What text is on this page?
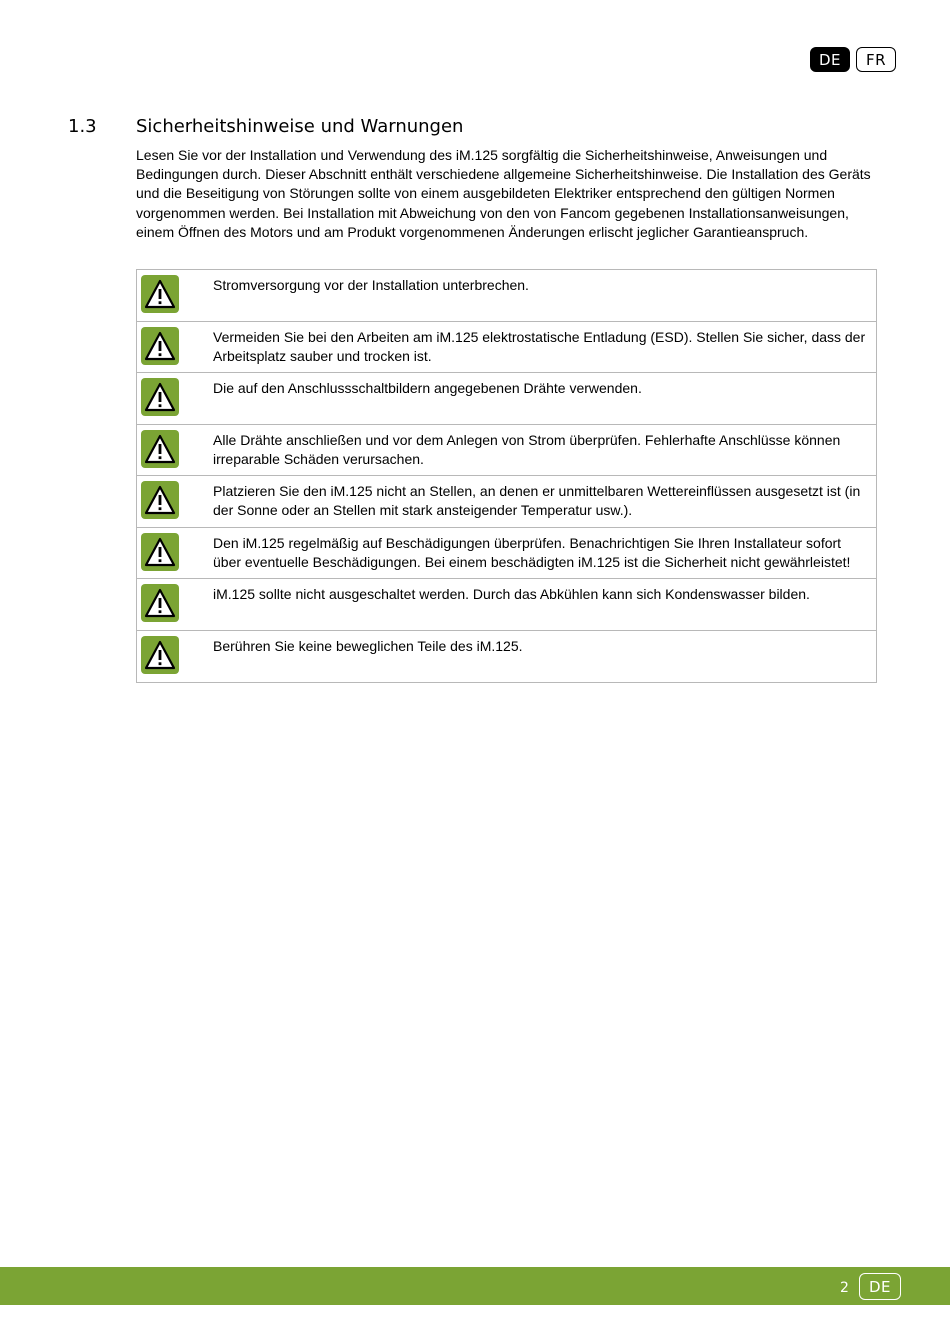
DE	FR
1.3 Sicherheitshinweise und Warnungen

Lesen Sie vor der Installation und Verwendung des iM.125 sorgfältig die Sicherheitshinweise, Anweisungen und Bedingungen durch. Dieser Abschnitt enthält verschiedene allgemeine Sicherheitshinweise. Die Installation des Geräts und die Beseitigung von Störungen sollte von einem ausgebildeten Elektriker entsprechend den gültigen Normen vorgenommen werden. Bei Installation mit Abweichung von den von Fancom gegebenen Installationsanweisungen, einem Öffnen des Motors und am Produkt vorgenommenen Änderungen erlischt jeglicher Garantieanspruch.

Stromversorgung vor der Installation unterbrechen.
Vermeiden Sie bei den Arbeiten am iM.125 elektrostatische Entladung (ESD). Stellen Sie sicher, dass der Arbeitsplatz sauber und trocken ist.
Die auf den Anschlussschaltbildern angegebenen Drähte verwenden.
Alle Drähte anschließen und vor dem Anlegen von Strom überprüfen. Fehlerhafte Anschlüsse können irreparable Schäden verursachen.
Platzieren Sie den iM.125 nicht an Stellen, an denen er unmittelbaren Wettereinflüssen ausgesetzt ist (in der Sonne oder an Stellen mit stark ansteigender Temperatur usw.).
Den iM.125 regelmäßig auf Beschädigungen überprüfen. Benachrichtigen Sie Ihren Installateur sofort über eventuelle Beschädigungen. Bei einem beschädigten iM.125 ist die Sicherheit nicht gewährleistet!
iM.125 sollte nicht ausgeschaltet werden. Durch das Abkühlen kann sich Kondenswasser bilden.
Berühren Sie keine beweglichen Teile des iM.125.
2	DE
